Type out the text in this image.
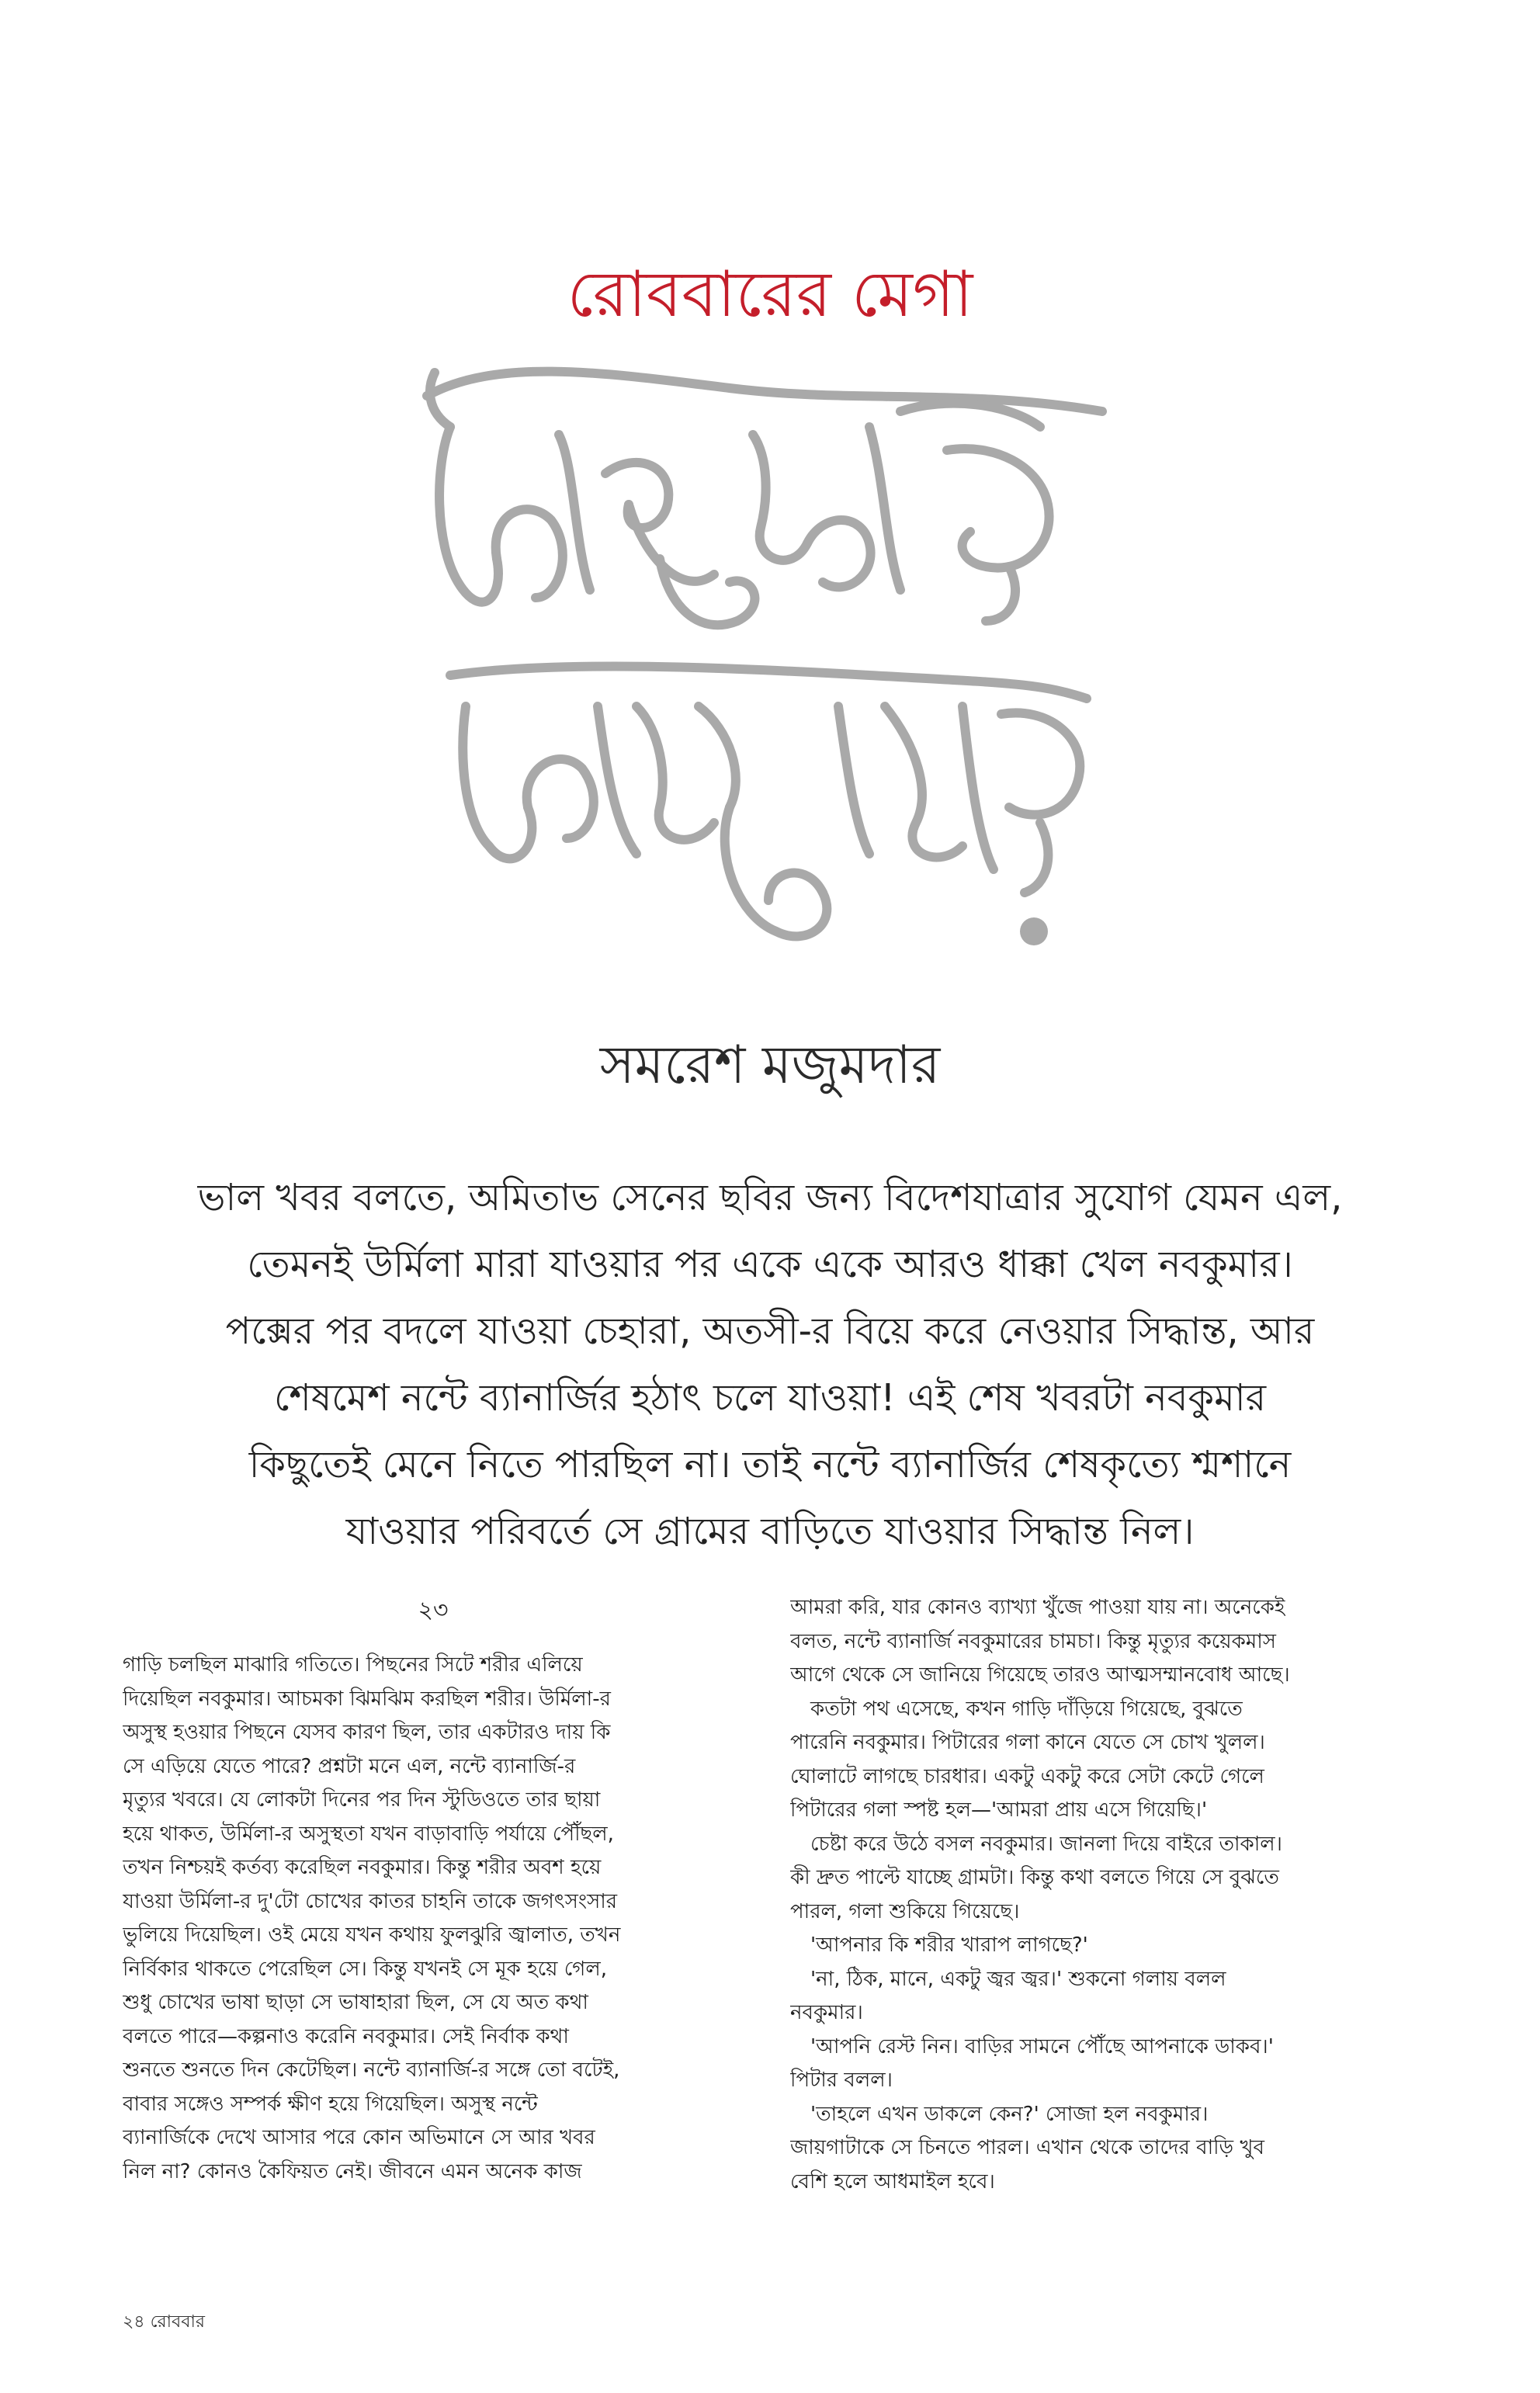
রোববারের মেগা
সমরেশ মজুমদার
ভাল খবর বলতে, অমিতাভ সেনের ছবির জন্য বিদেশযাত্রার সুযোগ যেমন এল,
তেমনই উর্মিলা মারা যাওয়ার পর একে একে আরও ধাক্কা খেল নবকুমার।
পক্সের পর বদলে যাওয়া চেহারা, অতসী-র বিয়ে করে নেওয়ার সিদ্ধান্ত, আর
শেষমেশ নন্টে ব্যানার্জির হঠাৎ চলে যাওয়া! এই শেষ খবরটা নবকুমার
কিছুতেই মেনে নিতে পারছিল না। তাই নন্টে ব্যানার্জির শেষকৃত্যে শ্মশানে
যাওয়ার পরিবর্তে সে গ্রামের বাড়িতে যাওয়ার সিদ্ধান্ত নিল।
২৩
গাড়ি চলছিল মাঝারি গতিতে। পিছনের সিটে শরীর এলিয়ে
দিয়েছিল নবকুমার। আচমকা ঝিমঝিম করছিল শরীর। উর্মিলা-র
অসুস্থ হওয়ার পিছনে যেসব কারণ ছিল, তার একটারও দায় কি
সে এড়িয়ে যেতে পারে? প্রশ্নটা মনে এল, নন্টে ব্যানার্জি-র
মৃত্যুর খবরে। যে লোকটা দিনের পর দিন স্টুডিওতে তার ছায়া
হয়ে থাকত, উর্মিলা-র অসুস্থতা যখন বাড়াবাড়ি পর্যায়ে পৌঁছল,
তখন নিশ্চয়ই কর্তব্য করেছিল নবকুমার। কিন্তু শরীর অবশ হয়ে
যাওয়া উর্মিলা-র দু'টো চোখের কাতর চাহনি তাকে জগৎসংসার
ভুলিয়ে দিয়েছিল। ওই মেয়ে যখন কথায় ফুলঝুরি জ্বালাত, তখন
নির্বিকার থাকতে পেরেছিল সে। কিন্তু যখনই সে মূক হয়ে গেল,
শুধু চোখের ভাষা ছাড়া সে ভাষাহারা ছিল, সে যে অত কথা
বলতে পারে—কল্পনাও করেনি নবকুমার। সেই নির্বাক কথা
শুনতে শুনতে দিন কেটেছিল। নন্টে ব্যানার্জি-র সঙ্গে তো বটেই,
বাবার সঙ্গেও সম্পর্ক ক্ষীণ হয়ে গিয়েছিল। অসুস্থ নন্টে
ব্যানার্জিকে দেখে আসার পরে কোন অভিমানে সে আর খবর
নিল না? কোনও কৈফিয়ত নেই। জীবনে এমন অনেক কাজ
আমরা করি, যার কোনও ব্যাখ্যা খুঁজে পাওয়া যায় না। অনেকেই
বলত, নন্টে ব্যানার্জি নবকুমারের চামচা। কিন্তু মৃত্যুর কয়েকমাস
আগে থেকে সে জানিয়ে গিয়েছে তারও আত্মসম্মানবোধ আছে।
কতটা পথ এসেছে, কখন গাড়ি দাঁড়িয়ে গিয়েছে, বুঝতে
পারেনি নবকুমার। পিটারের গলা কানে যেতে সে চোখ খুলল।
ঘোলাটে লাগছে চারধার। একটু একটু করে সেটা কেটে গেলে
পিটারের গলা স্পষ্ট হল—'আমরা প্রায় এসে গিয়েছি।'
চেষ্টা করে উঠে বসল নবকুমার। জানলা দিয়ে বাইরে তাকাল।
কী দ্রুত পাল্টে যাচ্ছে গ্রামটা। কিন্তু কথা বলতে গিয়ে সে বুঝতে
পারল, গলা শুকিয়ে গিয়েছে।
'আপনার কি শরীর খারাপ লাগছে?'
'না, ঠিক, মানে, একটু জ্বর জ্বর।' শুকনো গলায় বলল
নবকুমার।
'আপনি রেস্ট নিন। বাড়ির সামনে পৌঁছে আপনাকে ডাকব।'
পিটার বলল।
'তাহলে এখন ডাকলে কেন?' সোজা হল নবকুমার।
জায়গাটাকে সে চিনতে পারল। এখান থেকে তাদের বাড়ি খুব
বেশি হলে আধমাইল হবে।
২৪ রোববার
